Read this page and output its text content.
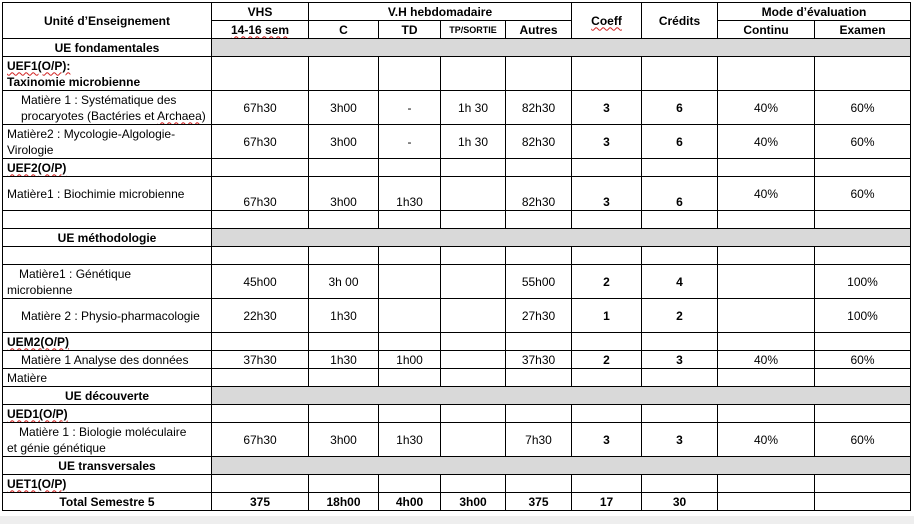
Unité d’Enseignement	VHS	V.H hebdomadaire				Coeff	Crédits	Mode d’évaluation	
	14-16 sem	C	TD	TP/SORTIE	Autres			Continu	Examen
UE fondamentales									
UEF1(O/P):
Taxinomie microbienne									
Matière 1 : Systématique des
procaryotes (Bactéries et Archaea)	67h30	3h00	-	1h 30	82h30	3	6	40%	60%
Matière2 : Mycologie-Algologie-
Virologie	67h30	3h00	-	1h 30	82h30	3	6	40%	60%
UEF2(O/P)									
Matière1 : Biochimie microbienne	67h30	3h00	1h30		82h30	3	6	40%	60%

UE méthodologie									

Matière1 : Génétique
microbienne	45h00	3h 00			55h00	2	4		100%
Matière 2 : Physio-pharmacologie	22h30	1h30			27h30	1	2		100%
UEM2(O/P)									
Matière 1 Analyse des données	37h30	1h30	1h00		37h30	2	3	40%	60%
Matière									
UE découverte									
UED1(O/P)									
Matière 1 : Biologie moléculaire
et génie génétique	67h30	3h00	1h30		7h30	3	3	40%	60%
UE transversales									
UET1(O/P)									
Total Semestre 5	375	18h00	4h00	3h00	375	17	30		
